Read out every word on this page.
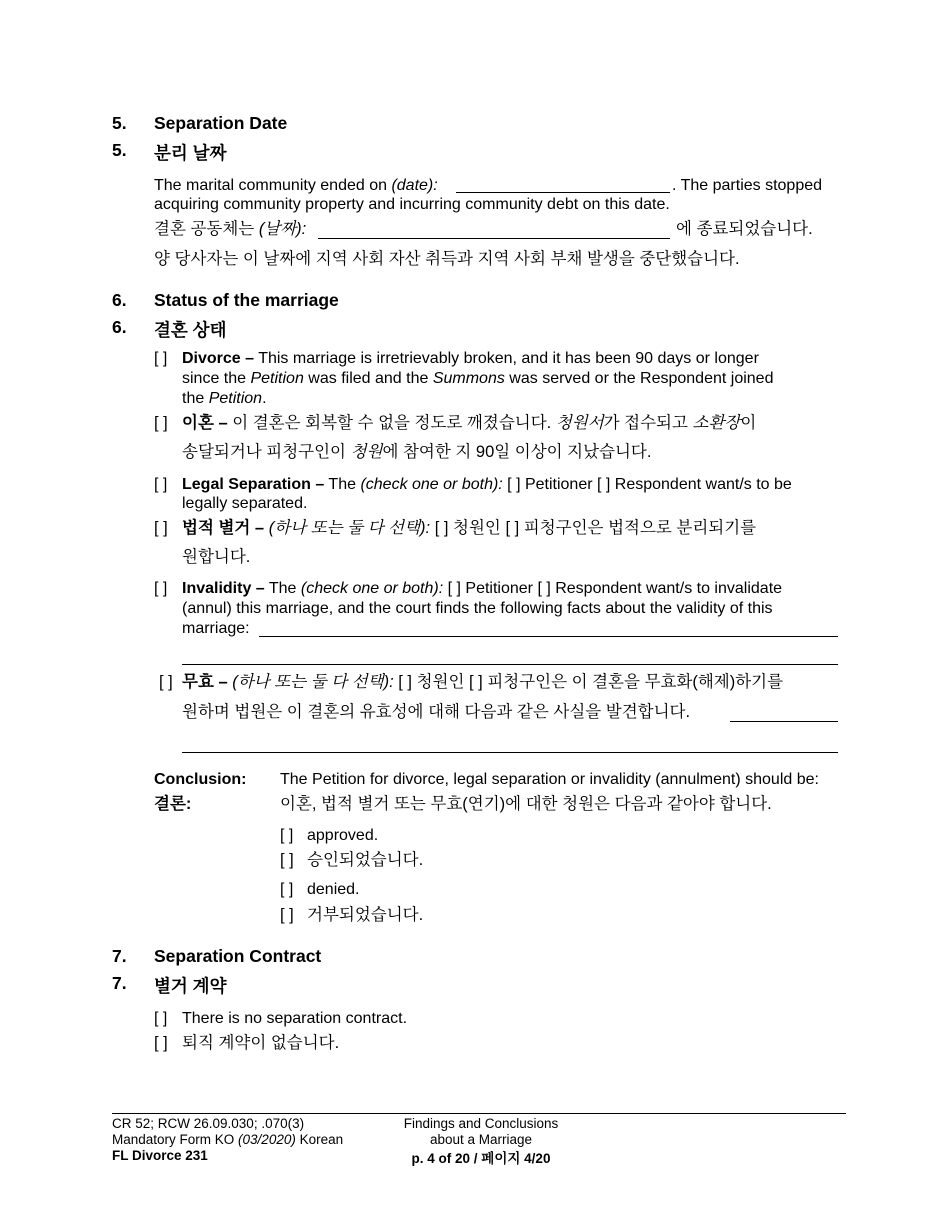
5. Separation Date
5. 분리 날짜
The marital community ended on (date):	. The parties stopped
acquiring community property and incurring community debt on this date.
결혼 공동체는 (날짜):	에 종료되었습니다.
양 당사자는 이 날짜에 지역 사회 자산 취득과 지역 사회 부채 발생을 중단했습니다.
6. Status of the marriage
6. 결혼 상태
[ ] Divorce – This marriage is irretrievably broken, and it has been 90 days or longer
since the Petition was filed and the Summons was served or the Respondent joined
the Petition.
[ ] 이혼 – 이 결혼은 회복할 수 없을 정도로 깨졌습니다. 청원서가 접수되고 소환장이
송달되거나 피청구인이 청원에 참여한 지 90일 이상이 지났습니다.
[ ] Legal Separation – The (check one or both): [ ] Petitioner [ ] Respondent want/s to be
legally separated.
[ ] 법적 별거 – (하나 또는 둘 다 선택): [ ] 청원인 [ ] 피청구인은 법적으로 분리되기를
원합니다.
[ ] Invalidity – The (check one or both): [ ] Petitioner [ ] Respondent want/s to invalidate
(annul) this marriage, and the court finds the following facts about the validity of this
marriage:
[ ] 무효 – (하나 또는 둘 다 선택): [ ] 청원인 [ ] 피청구인은 이 결혼을 무효화(해제)하기를
원하며 법원은 이 결혼의 유효성에 대해 다음과 같은 사실을 발견합니다.
Conclusion:
결론:
The Petition for divorce, legal separation or invalidity (annulment) should be:
이혼, 법적 별거 또는 무효(연기)에 대한 청원은 다음과 같아야 합니다.
[ ] approved.
[ ] 승인되었습니다.
[ ] denied.
[ ] 거부되었습니다.
7. Separation Contract
7. 별거 계약
[ ] There is no separation contract.
[ ] 퇴직 계약이 없습니다.
CR 52; RCW 26.09.030; .070(3)
Mandatory Form KO (03/2020) Korean
FL Divorce 231
Findings and Conclusions
about a Marriage
p. 4 of 20 / 페이지 4/20
